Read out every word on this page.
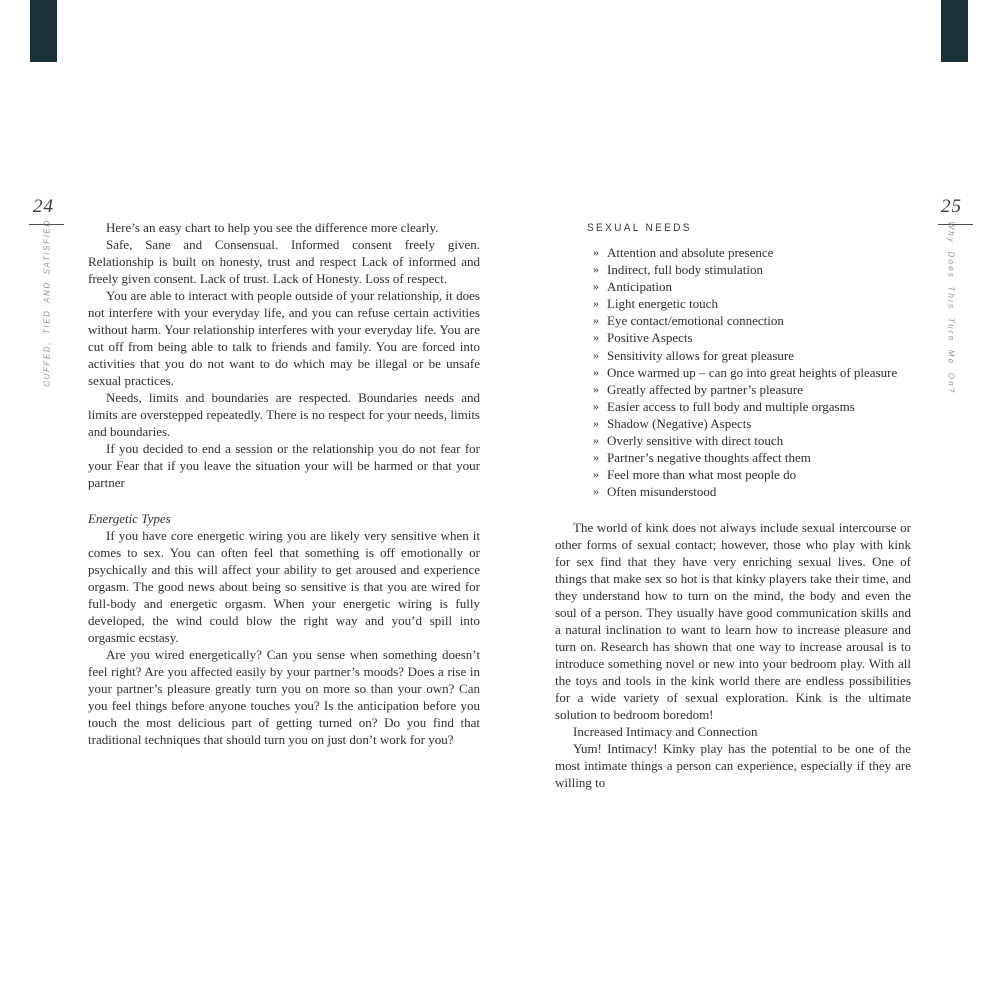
24
CUFFED, TIED AND SATISFIED
25
Why Does This Turn Me On?

Here’s an easy chart to help you see the difference more clearly.

Safe, Sane and Consensual. Informed consent freely given. Relationship is built on honesty, trust and respect Lack of informed and freely given consent. Lack of trust. Lack of Honesty. Loss of respect.

You are able to interact with people outside of your relationship, it does not interfere with your everyday life, and you can refuse certain activities without harm. Your relationship interferes with your everyday life. You are cut off from being able to talk to friends and family. You are forced into activities that you do not want to do which may be illegal or be unsafe sexual practices.

Needs, limits and boundaries are respected. Boundaries needs and limits are overstepped repeatedly. There is no respect for your needs, limits and boundaries.

If you decided to end a session or the relationship you do not fear for your Fear that if you leave the situation your will be harmed or that your partner

Energetic Types

If you have core energetic wiring you are likely very sensitive when it comes to sex. You can often feel that something is off emotionally or psychically and this will affect your ability to get aroused and experience orgasm. The good news about being so sensitive is that you are wired for full-body and energetic orgasm. When your energetic wiring is fully developed, the wind could blow the right way and you’d spill into orgasmic ecstasy.

Are you wired energetically? Can you sense when something doesn’t feel right? Are you affected easily by your partner’s moods? Does a rise in your partner’s pleasure greatly turn you on more so than your own? Can you feel things before anyone touches you? Is the anticipation before you touch the most delicious part of getting turned on? Do you find that traditional techniques that should turn you on just don’t work for you?

SEXUAL NEEDS
» Attention and absolute presence
» Indirect, full body stimulation
» Anticipation
» Light energetic touch
» Eye contact/emotional connection
» Positive Aspects
» Sensitivity allows for great pleasure
» Once warmed up – can go into great heights of pleasure
» Greatly affected by partner’s pleasure
» Easier access to full body and multiple orgasms
» Shadow (Negative) Aspects
» Overly sensitive with direct touch
» Partner’s negative thoughts affect them
» Feel more than what most people do
» Often misunderstood

The world of kink does not always include sexual intercourse or other forms of sexual contact; however, those who play with kink for sex find that they have very enriching sexual lives. One of things that make sex so hot is that kinky players take their time, and they understand how to turn on the mind, the body and even the soul of a person. They usually have good communication skills and a natural inclination to want to learn how to increase pleasure and turn on. Research has shown that one way to increase arousal is to introduce something novel or new into your bedroom play. With all the toys and tools in the kink world there are endless possibilities for a wide variety of sexual exploration. Kink is the ultimate solution to bedroom boredom!

Increased Intimacy and Connection

Yum! Intimacy! Kinky play has the potential to be one of the most intimate things a person can experience, especially if they are willing to
